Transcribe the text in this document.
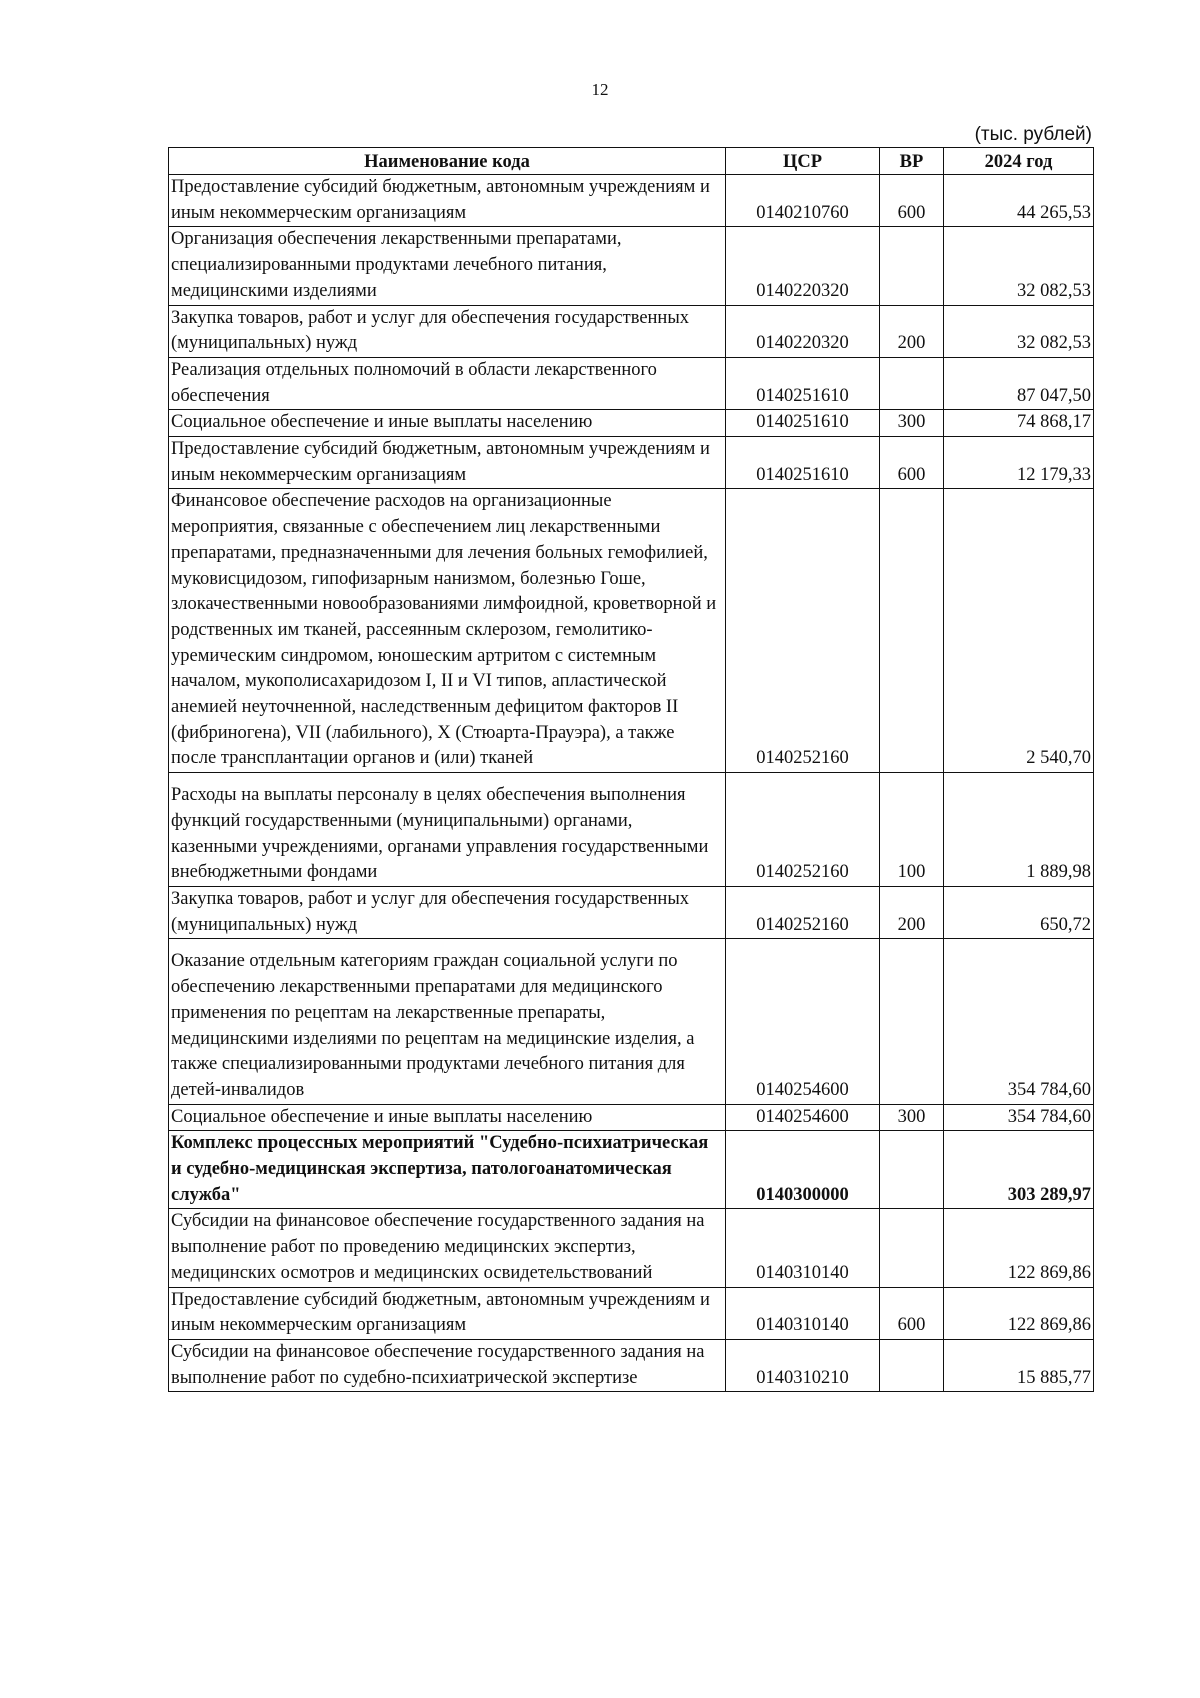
12
(тыс. рублей)
Наименование кода	ЦСР	ВР	2024 год
Предоставление субсидий бюджетным, автономным учреждениям и иным некоммерческим организациям	0140210760	600	44 265,53
Организация обеспечения лекарственными препаратами, специализированными продуктами лечебного питания, медицинскими изделиями	0140220320		32 082,53
Закупка товаров, работ и услуг для обеспечения государственных (муниципальных) нужд	0140220320	200	32 082,53
Реализация отдельных полномочий в области лекарственного обеспечения	0140251610		87 047,50
Социальное обеспечение и иные выплаты населению	0140251610	300	74 868,17
Предоставление субсидий бюджетным, автономным учреждениям и иным некоммерческим организациям	0140251610	600	12 179,33
Финансовое обеспечение расходов на организационные мероприятия, связанные с обеспечением лиц лекарственными препаратами, предназначенными для лечения больных гемофилией, муковисцидозом, гипофизарным нанизмом, болезнью Гоше, злокачественными новообразованиями лимфоидной, кроветворной и родственных им тканей, рассеянным склерозом, гемолитико-уремическим синдромом, юношеским артритом с системным началом, мукополисахаридозом I, II и VI типов, апластической анемией неуточненной, наследственным дефицитом факторов II (фибриногена), VII (лабильного), X (Стюарта-Прауэра), а также после трансплантации органов и (или) тканей	0140252160		2 540,70
Расходы на выплаты персоналу в целях обеспечения выполнения функций государственными (муниципальными) органами, казенными учреждениями, органами управления государственными внебюджетными фондами	0140252160	100	1 889,98
Закупка товаров, работ и услуг для обеспечения государственных (муниципальных) нужд	0140252160	200	650,72
Оказание отдельным категориям граждан социальной услуги по обеспечению лекарственными препаратами для медицинского применения по рецептам на лекарственные препараты, медицинскими изделиями по рецептам на медицинские изделия, а также специализированными продуктами лечебного питания для детей-инвалидов	0140254600		354 784,60
Социальное обеспечение и иные выплаты населению	0140254600	300	354 784,60
Комплекс процессных мероприятий "Судебно-психиатрическая и судебно-медицинская экспертиза, патологоанатомическая служба"	0140300000		303 289,97
Субсидии на финансовое обеспечение государственного задания на выполнение работ по проведению медицинских экспертиз, медицинских осмотров и медицинских освидетельствований	0140310140		122 869,86
Предоставление субсидий бюджетным, автономным учреждениям и иным некоммерческим организациям	0140310140	600	122 869,86
Субсидии на финансовое обеспечение государственного задания на выполнение работ по судебно-психиатрической экспертизе	0140310210		15 885,77
